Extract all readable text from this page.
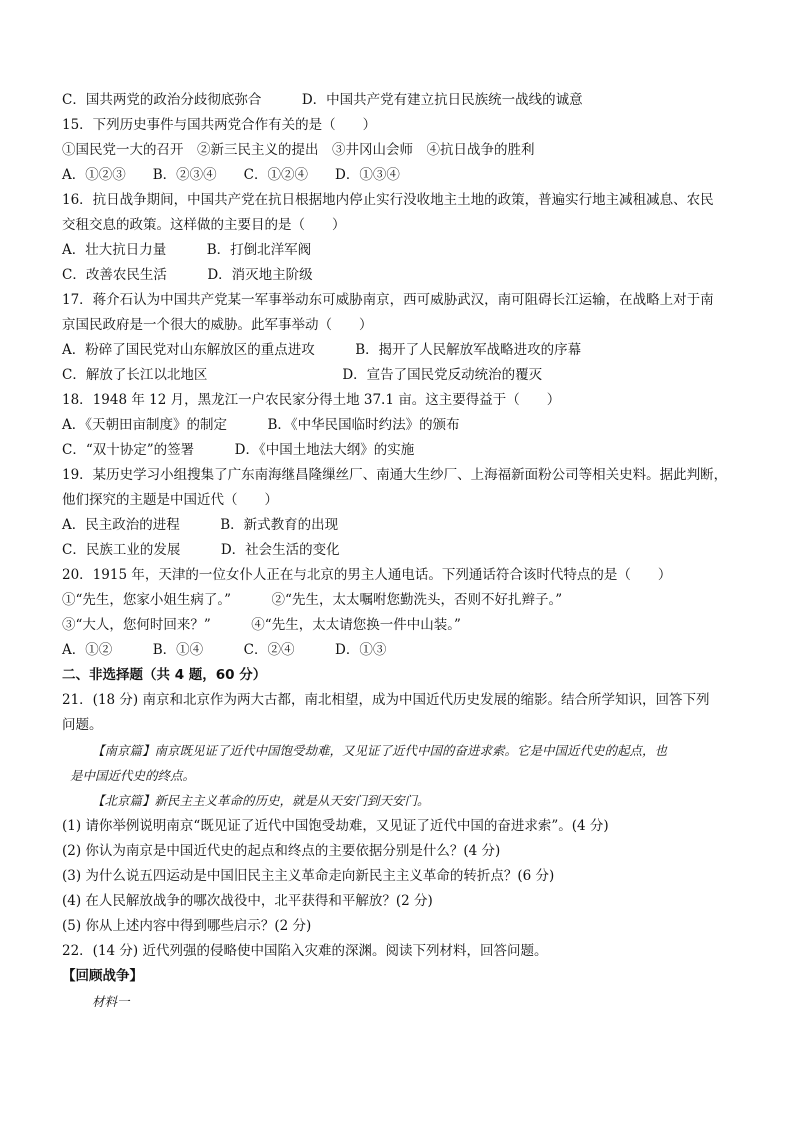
C．国共两党的政治分歧彻底弥合　　　D．中国共产党有建立抗日民族统一战线的诚意
15．下列历史事件与国共两党合作有关的是（　　）
①国民党一大的召开　②新三民主义的提出　③井冈山会师　④抗日战争的胜利
A．①②③　　B．②③④　　C．①②④　　D．①③④
16．抗日战争期间，中国共产党在抗日根据地内停止实行没收地主土地的政策，普遍实行地主减租减息、农民
交租交息的政策。这样做的主要目的是（　　）
A．壮大抗日力量　　　B．打倒北洋军阀
C．改善农民生活　　　D．消灭地主阶级
17．蒋介石认为中国共产党某一军事举动东可威胁南京，西可威胁武汉，南可阻碍长江运输，在战略上对于南
京国民政府是一个很大的威胁。此军事举动（　　）
A．粉碎了国民党对山东解放区的重点进攻　　　B．揭开了人民解放军战略进攻的序幕
C．解放了长江以北地区　　　　　　　　　　D．宣告了国民党反动统治的覆灭
18．1948 年 12 月，黑龙江一户农民家分得土地 37.1 亩。这主要得益于（　　）
A．《天朝田亩制度》的制定　　　B．《中华民国临时约法》的颁布
C．“双十协定”的签署　　　D．《中国土地法大纲》的实施
19．某历史学习小组搜集了广东南海继昌隆缫丝厂、南通大生纱厂、上海福新面粉公司等相关史料。据此判断，
他们探究的主题是中国近代（　　）
A．民主政治的进程　　　B．新式教育的出现
C．民族工业的发展　　　D．社会生活的变化
20．1915 年，天津的一位女仆人正在与北京的男主人通电话。下列通话符合该时代特点的是（　　）
①“先生，您家小姐生病了。”　　　②“先生，太太嘱咐您勤洗头，否则不好扎辫子。”
③“大人，您何时回来？”　　　④“先生，太太请您换一件中山装。”
A．①②　　　B．①④　　　C．②④　　　D．①③
二、非选择题（共 4 题，60 分）
21．(18 分) 南京和北京作为两大古都，南北相望，成为中国近代历史发展的缩影。结合所学知识，回答下列
问题。
【南京篇】南京既见证了近代中国饱受劫难，又见证了近代中国的奋进求索。它是中国近代史的起点，也
是中国近代史的终点。
【北京篇】新民主主义革命的历史，就是从天安门到天安门。
(1) 请你举例说明南京“既见证了近代中国饱受劫难，又见证了近代中国的奋进求索”。(4 分)
(2) 你认为南京是中国近代史的起点和终点的主要依据分别是什么？(4 分)
(3) 为什么说五四运动是中国旧民主主义革命走向新民主主义革命的转折点？(6 分)
(4) 在人民解放战争的哪次战役中，北平获得和平解放？(2 分)
(5) 你从上述内容中得到哪些启示？(2 分)
22．(14 分) 近代列强的侵略使中国陷入灾难的深渊。阅读下列材料，回答问题。
【回顾战争】
材料一
